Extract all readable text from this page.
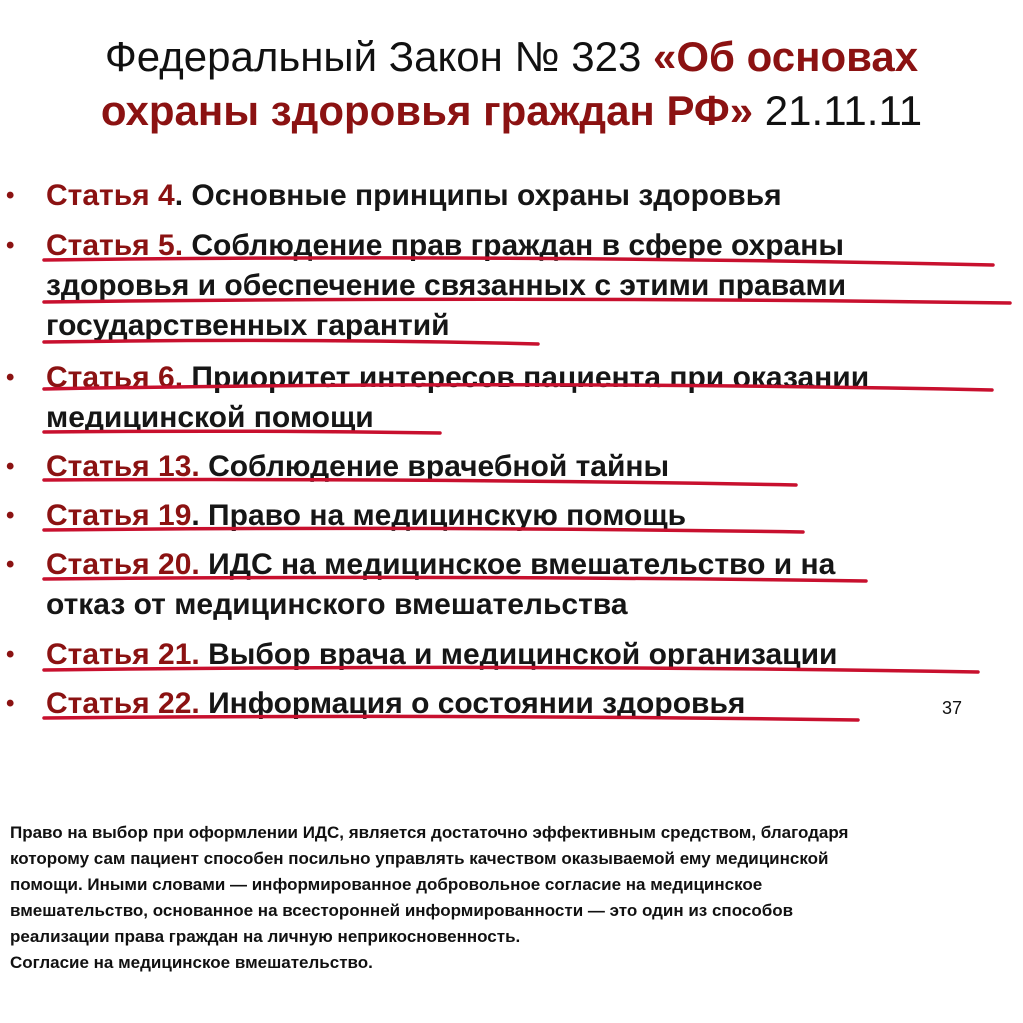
Федеральный Закон № 323 «Об основах
охраны здоровья граждан РФ» 21.11.11
• Статья 4. Основные принципы охраны здоровья
• Статья 5. Соблюдение прав граждан в сфере охраны
здоровья и обеспечение связанных с этими правами
государственных гарантий
• Статья 6. Приоритет интересов пациента при оказании
медицинской помощи
• Статья 13. Соблюдение врачебной тайны
• Статья 19. Право на медицинскую помощь
• Статья 20. ИДС на медицинское вмешательство и на
отказ от медицинского вмешательства
• Статья 21. Выбор врача и медицинской организации
• Статья 22. Информация о состоянии здоровья	37
Право на выбор при оформлении ИДС, является достаточно эффективным средством, благодаря
которому сам пациент способен посильно управлять качеством оказываемой ему медицинской
помощи. Иными словами — информированное добровольное согласие на медицинское
вмешательство, основанное на всесторонней информированности — это один из способов
реализации права граждан на личную неприкосновенность.
Согласие на медицинское вмешательство.
